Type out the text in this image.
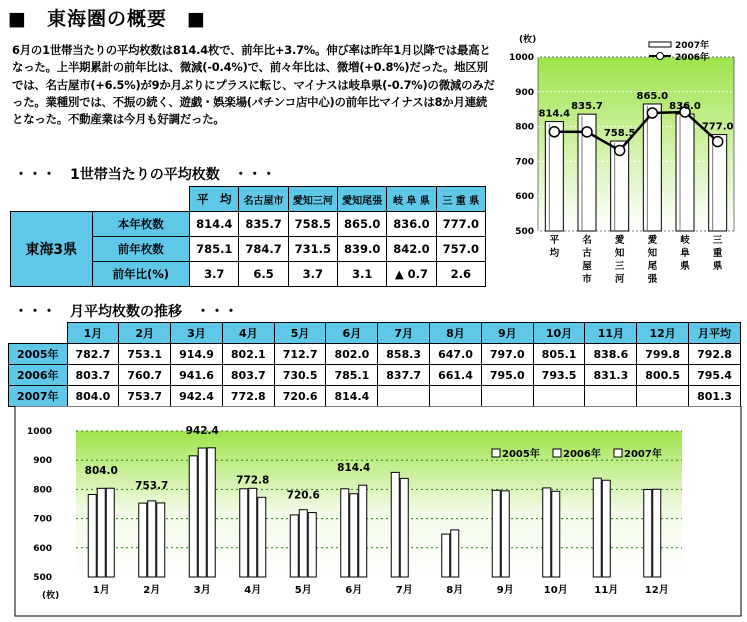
■　東海圏の概要　■
6月の1世帯当たりの平均枚数は814.4枚で、前年比+3.7%。伸び率は昨年1月以降では最高となった。上半期累計の前年比は、微減(-0.4%)で、前々年比は、微増(+0.8%)だった。地区別では、名古屋市(+6.5%)が9か月ぶりにプラスに転じ、マイナスは岐阜県(-0.7%)の微減のみだった。業種別では、不振の続く、遊戯・娯楽場(パチンコ店中心)の前年比マイナスは8か月連続となった。不動産業は今月も好調だった。
・・・　1世帯当たりの平均枚数　・・・
		平　均	名古屋市	愛知三河	愛知尾張	岐 阜 県	三 重 県
東海3県	本年枚数	814.4	835.7	758.5	865.0	836.0	777.0
	前年枚数	785.1	784.7	731.5	839.0	842.0	757.0
	前年比(%)	3.7	6.5	3.7	3.1	▲ 0.7	2.6
(枚)
1000
900
800
700
600
500
814.4
835.7
758.5
865.0
836.0
777.0
平
均
名
古
屋
市
愛
知
三
河
愛
知
尾
張
岐
阜
県
三
重
県
2007年
2006年
・・・　月平均枚数の推移　・・・
	1月	2月	3月	4月	5月	6月	7月	8月	9月	10月	11月	12月	月平均
2005年	782.7	753.1	914.9	802.1	712.7	802.0	858.3	647.0	797.0	805.1	838.6	799.8	792.8
2006年	803.7	760.7	941.6	803.7	730.5	785.1	837.7	661.4	795.0	793.5	831.3	800.5	795.4
2007年	804.0	753.7	942.4	772.8	720.6	814.4							801.3
1000
900
800
700
600
500
804.0
753.7
942.4
772.8
720.6
814.4
1月	2月	3月	4月	5月	6月	7月	8月	9月	10月	11月	12月
(枚)
2005年 2006年 2007年
